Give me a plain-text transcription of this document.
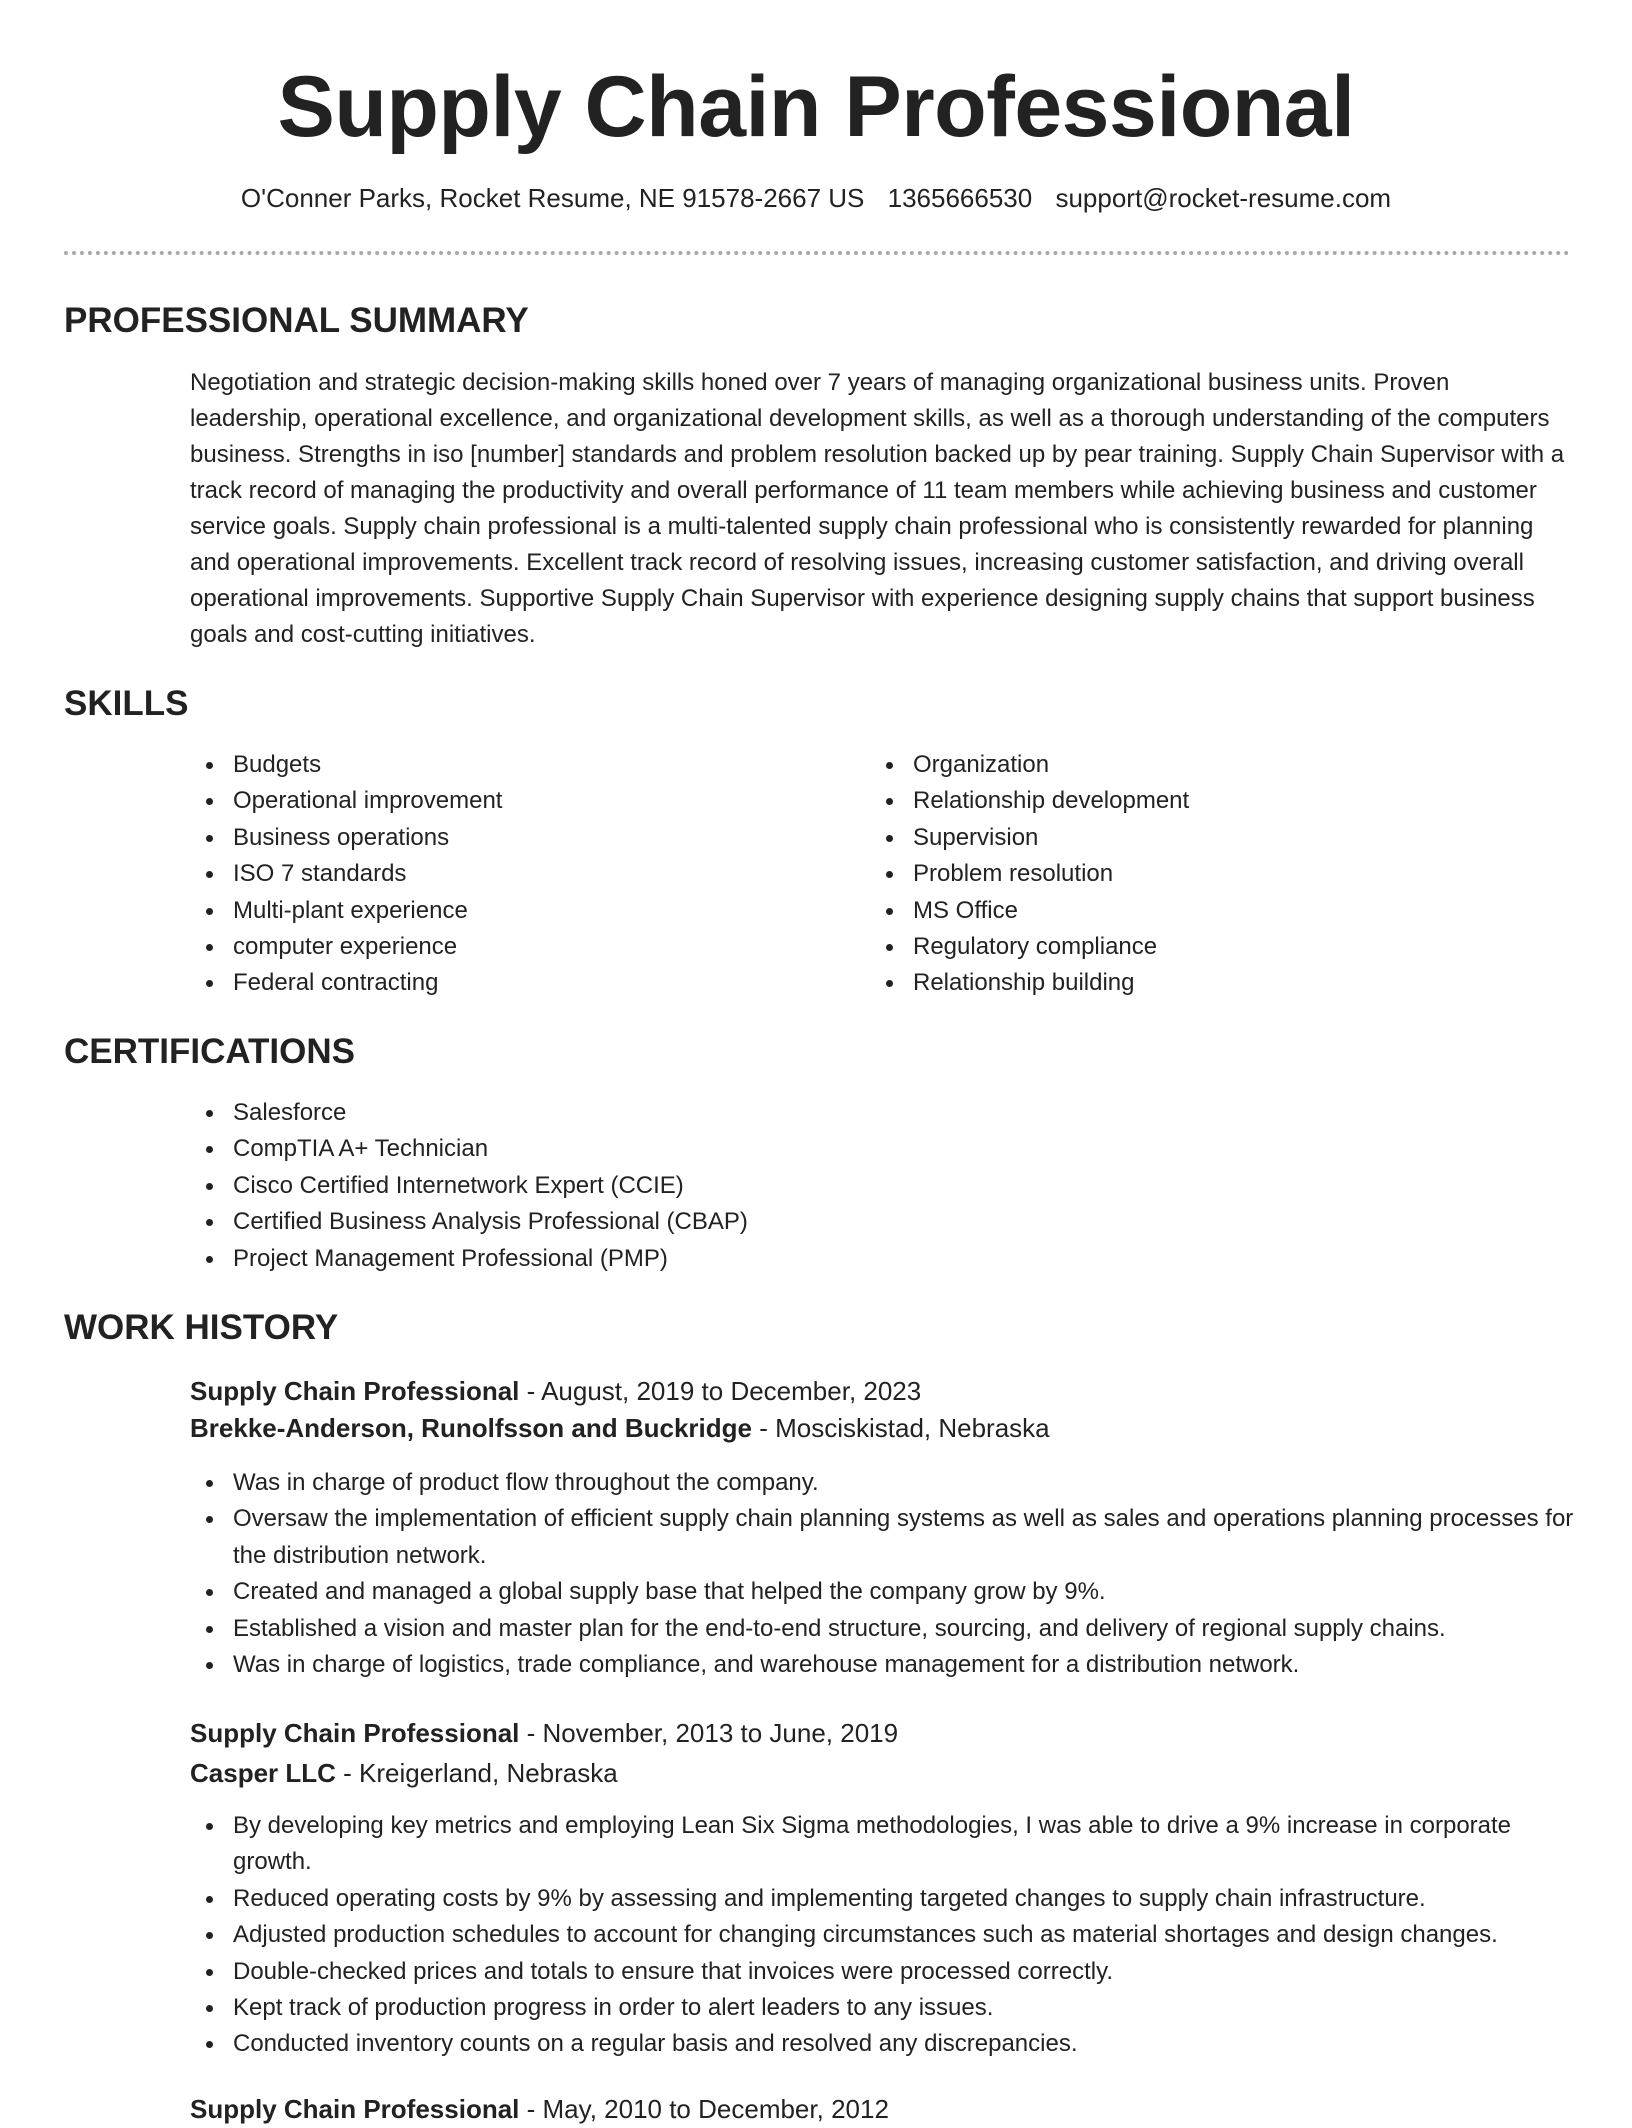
Supply Chain Professional
O'Conner Parks, Rocket Resume, NE 91578-2667 US 1365666530 support@rocket-resume.com
PROFESSIONAL SUMMARY

Negotiation and strategic decision-making skills honed over 7 years of managing organizational business units. Proven leadership, operational excellence, and organizational development skills, as well as a thorough understanding of the computers business. Strengths in iso [number] standards and problem resolution backed up by pear training. Supply Chain Supervisor with a track record of managing the productivity and overall performance of 11 team members while achieving business and customer service goals. Supply chain professional is a multi-talented supply chain professional who is consistently rewarded for planning and operational improvements. Excellent track record of resolving issues, increasing customer satisfaction, and driving overall operational improvements. Supportive Supply Chain Supervisor with experience designing supply chains that support business goals and cost-cutting initiatives.

SKILLS
Budgets
Operational improvement
Business operations
ISO 7 standards
Multi-plant experience
computer experience
Federal contracting
Organization
Relationship development
Supervision
Problem resolution
MS Office
Regulatory compliance
Relationship building
CERTIFICATIONS
Salesforce
CompTIA A+ Technician
Cisco Certified Internetwork Expert (CCIE)
Certified Business Analysis Professional (CBAP)
Project Management Professional (PMP)
WORK HISTORY

Supply Chain Professional - August, 2019 to December, 2023

Brekke-Anderson, Runolfsson and Buckridge - Mosciskistad, Nebraska

Was in charge of product flow throughout the company.
Oversaw the implementation of efficient supply chain planning systems as well as sales and operations planning processes for the distribution network.
Created and managed a global supply base that helped the company grow by 9%.
Established a vision and master plan for the end-to-end structure, sourcing, and delivery of regional supply chains.
Was in charge of logistics, trade compliance, and warehouse management for a distribution network.

Supply Chain Professional - November, 2013 to June, 2019

Casper LLC - Kreigerland, Nebraska

By developing key metrics and employing Lean Six Sigma methodologies, I was able to drive a 9% increase in corporate growth.
Reduced operating costs by 9% by assessing and implementing targeted changes to supply chain infrastructure.
Adjusted production schedules to account for changing circumstances such as material shortages and design changes.
Double-checked prices and totals to ensure that invoices were processed correctly.
Kept track of production progress in order to alert leaders to any issues.
Conducted inventory counts on a regular basis and resolved any discrepancies.

Supply Chain Professional - May, 2010 to December, 2012
